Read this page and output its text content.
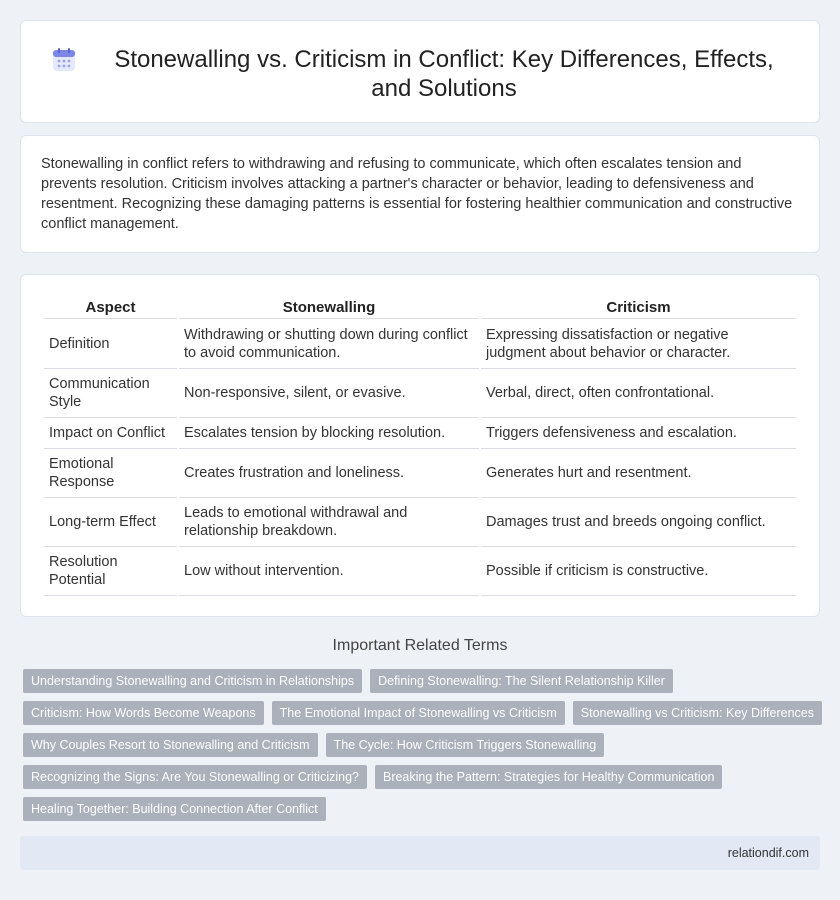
Stonewalling vs. Criticism in Conflict: Key Differences, Effects, and Solutions

Stonewalling in conflict refers to withdrawing and refusing to communicate, which often escalates tension and prevents resolution. Criticism involves attacking a partner's character or behavior, leading to defensiveness and resentment. Recognizing these damaging patterns is essential for fostering healthier communication and constructive conflict management.

Aspect	Stonewalling	Criticism
Definition	Withdrawing or shutting down during conflict to avoid communication.	Expressing dissatisfaction or negative judgment about behavior or character.
Communication Style	Non-responsive, silent, or evasive.	Verbal, direct, often confrontational.
Impact on Conflict	Escalates tension by blocking resolution.	Triggers defensiveness and escalation.
Emotional Response	Creates frustration and loneliness.	Generates hurt and resentment.
Long-term Effect	Leads to emotional withdrawal and relationship breakdown.	Damages trust and breeds ongoing conflict.
Resolution Potential	Low without intervention.	Possible if criticism is constructive.
Important Related Terms
Understanding Stonewalling and Criticism in Relationships	Defining Stonewalling: The Silent Relationship Killer
Criticism: How Words Become Weapons	The Emotional Impact of Stonewalling vs Criticism	Stonewalling vs Criticism: Key Differences
Why Couples Resort to Stonewalling and Criticism	The Cycle: How Criticism Triggers Stonewalling
Recognizing the Signs: Are You Stonewalling or Criticizing?	Breaking the Pattern: Strategies for Healthy Communication
Healing Together: Building Connection After Conflict
relationdif.com
